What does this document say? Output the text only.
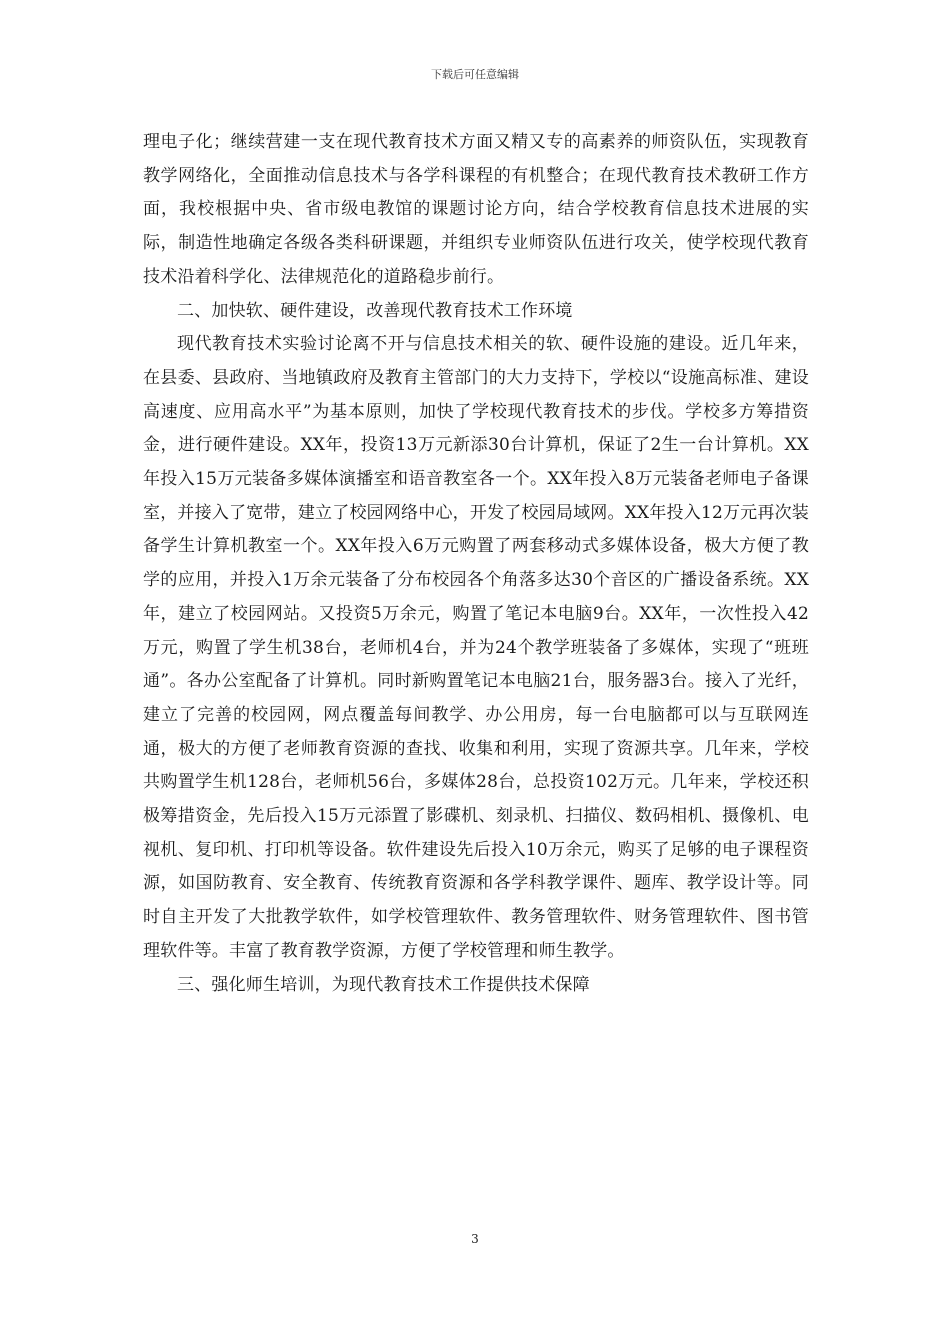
下载后可任意编辑

理电子化；继续营建一支在现代教育技术方面又精又专的高素养的师资队伍，实现教育教学网络化，全面推动信息技术与各学科课程的有机整合；在现代教育技术教研工作方面，我校根据中央、省市级电教馆的课题讨论方向，结合学校教育信息技术进展的实际，制造性地确定各级各类科研课题，并组织专业师资队伍进行攻关，使学校现代教育技术沿着科学化、法律规范化的道路稳步前行。

二、加快软、硬件建设，改善现代教育技术工作环境

现代教育技术实验讨论离不开与信息技术相关的软、硬件设施的建设。近几年来，在县委、县政府、当地镇政府及教育主管部门的大力支持下，学校以“设施高标准、建设高速度、应用高水平”为基本原则，加快了学校现代教育技术的步伐。学校多方筹措资金，进行硬件建设。XX年，投资13万元新添30台计算机，保证了2生一台计算机。XX年投入15万元装备多媒体演播室和语音教室各一个。XX年投入8万元装备老师电子备课室，并接入了宽带，建立了校园网络中心，开发了校园局域网。XX年投入12万元再次装备学生计算机教室一个。XX年投入6万元购置了两套移动式多媒体设备，极大方便了教学的应用，并投入1万余元装备了分布校园各个角落多达30个音区的广播设备系统。XX年，建立了校园网站。又投资5万余元，购置了笔记本电脑9台。XX年，一次性投入42万元，购置了学生机38台，老师机4台，并为24个教学班装备了多媒体，实现了“班班通”。各办公室配备了计算机。同时新购置笔记本电脑21台，服务器3台。接入了光纤，建立了完善的校园网，网点覆盖每间教学、办公用房，每一台电脑都可以与互联网连通，极大的方便了老师教育资源的查找、收集和利用，实现了资源共享。几年来，学校共购置学生机128台，老师机56台，多媒体28台，总投资102万元。几年来，学校还积极筹措资金，先后投入15万元添置了影碟机、刻录机、扫描仪、数码相机、摄像机、电视机、复印机、打印机等设备。软件建设先后投入10万余元，购买了足够的电子课程资源，如国防教育、安全教育、传统教育资源和各学科教学课件、题库、教学设计等。同时自主开发了大批教学软件，如学校管理软件、教务管理软件、财务管理软件、图书管理软件等。丰富了教育教学资源，方便了学校管理和师生教学。

三、强化师生培训，为现代教育技术工作提供技术保障

3
